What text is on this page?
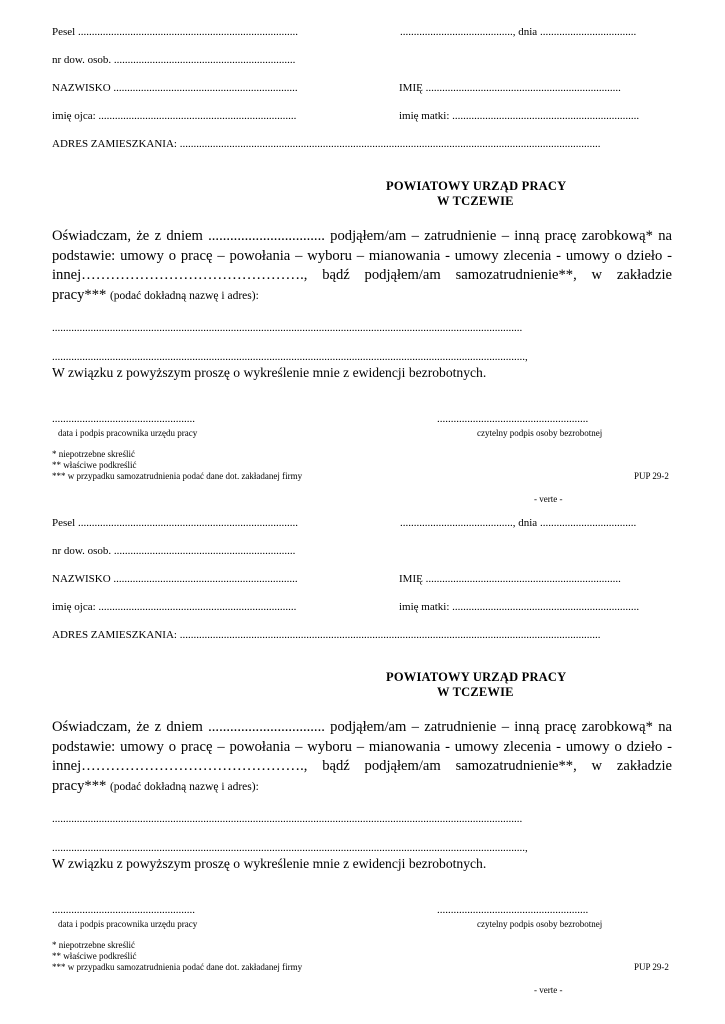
Pesel ................................................................................	........................................., dnia ...................................
nr dow. osob. ..................................................................
NAZWISKO ...................................................................	IMIĘ .......................................................................
imię ojca: ........................................................................	imię matki: ....................................................................
ADRES ZAMIESZKANIA: .........................................................................................................................................................
POWIATOWY URZĄD PRACY
W TCZEWIE
Oświadczam, że z dniem ................................ podjąłem/am – zatrudnienie – inną pracę zarobkową* na podstawie: umowy o pracę – powołania – wyboru – mianowania - umowy zlecenia - umowy o dzieło - innej………………………………………., bądź podjąłem/am samozatrudnienie**, w zakładzie pracy*** (podać dokładną nazwę i adres):
...........................................................................................................................................................................
............................................................................................................................................................................,
W związku z powyższym proszę o wykreślenie mnie z ewidencji bezrobotnych.
....................................................
data i podpis pracownika urzędu pracy
.......................................................
czytelny podpis osoby bezrobotnej
* niepotrzebne skreślić
** właściwe podkreślić
*** w przypadku samozatrudnienia podać dane dot. zakładanej firmy	PUP 29-2
- verte -
Pesel ................................................................................	........................................., dnia ...................................
nr dow. osob. ..................................................................
NAZWISKO ...................................................................	IMIĘ .......................................................................
imię ojca: ........................................................................	imię matki: ....................................................................
ADRES ZAMIESZKANIA: .........................................................................................................................................................
POWIATOWY URZĄD PRACY
W TCZEWIE
Oświadczam, że z dniem ................................ podjąłem/am – zatrudnienie – inną pracę zarobkową* na podstawie: umowy o pracę – powołania – wyboru – mianowania - umowy zlecenia - umowy o dzieło - innej………………………………………., bądź podjąłem/am samozatrudnienie**, w zakładzie pracy*** (podać dokładną nazwę i adres):
...........................................................................................................................................................................
............................................................................................................................................................................,
W związku z powyższym proszę o wykreślenie mnie z ewidencji bezrobotnych.
....................................................
data i podpis pracownika urzędu pracy
.......................................................
czytelny podpis osoby bezrobotnej
* niepotrzebne skreślić
** właściwe podkreślić
*** w przypadku samozatrudnienia podać dane dot. zakładanej firmy	PUP 29-2
- verte -
